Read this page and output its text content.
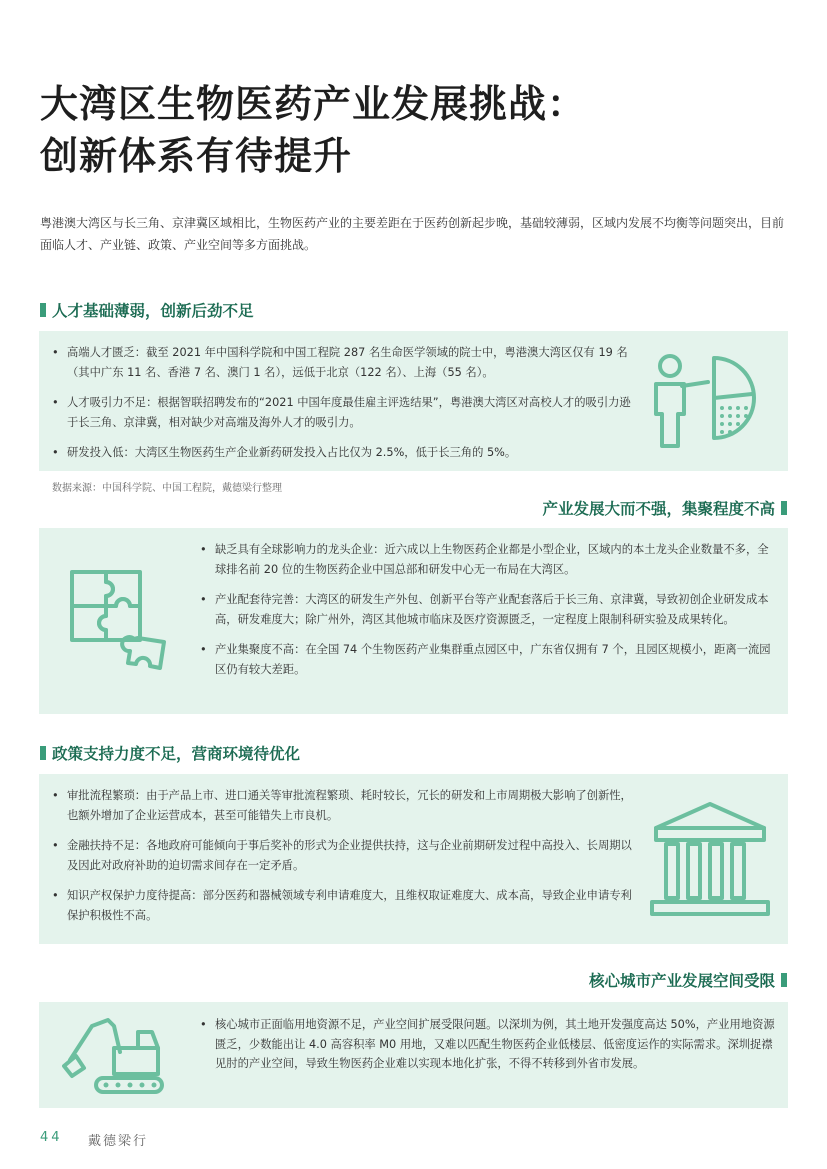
大湾区生物医药产业发展挑战：
创新体系有待提升

粤港澳大湾区与长三角、京津冀区域相比，生物医药产业的主要差距在于医药创新起步晚，基础较薄弱，区域内发展不均衡等问题突出，目前面临人才、产业链、政策、产业空间等多方面挑战。

人才基础薄弱，创新后劲不足
• 高端人才匮乏：截至 2021 年中国科学院和中国工程院 287 名生命医学领域的院士中，粤港澳大湾区仅有 19 名（其中广东 11 名、香港 7 名、澳门 1 名），远低于北京（122 名）、上海（55 名）。
• 人才吸引力不足：根据智联招聘发布的“2021 中国年度最佳雇主评选结果”，粤港澳大湾区对高校人才的吸引力逊于长三角、京津冀，相对缺少对高端及海外人才的吸引力。
• 研发投入低：大湾区生物医药生产企业新药研发投入占比仅为 2.5%，低于长三角的 5%。
数据来源：中国科学院、中国工程院，戴德梁行整理
产业发展大而不强，集聚程度不高
• 缺乏具有全球影响力的龙头企业：近六成以上生物医药企业都是小型企业，区域内的本土龙头企业数量不多，全球排名前 20 位的生物医药企业中国总部和研发中心无一布局在大湾区。
• 产业配套待完善：大湾区的研发生产外包、创新平台等产业配套落后于长三角、京津冀，导致初创企业研发成本高，研发难度大；除广州外，湾区其他城市临床及医疗资源匮乏，一定程度上限制科研实验及成果转化。
• 产业集聚度不高：在全国 74 个生物医药产业集群重点园区中，广东省仅拥有 7 个，且园区规模小，距离一流园区仍有较大差距。
政策支持力度不足，营商环境待优化
• 审批流程繁琐：由于产品上市、进口通关等审批流程繁琐、耗时较长，冗长的研发和上市周期极大影响了创新性，也额外增加了企业运营成本，甚至可能错失上市良机。
• 金融扶持不足：各地政府可能倾向于事后奖补的形式为企业提供扶持，这与企业前期研发过程中高投入、长周期以及因此对政府补助的迫切需求间存在一定矛盾。
• 知识产权保护力度待提高：部分医药和器械领域专利申请难度大，且维权取证难度大、成本高，导致企业申请专利保护积极性不高。
核心城市产业发展空间受限
• 核心城市正面临用地资源不足，产业空间扩展受限问题。以深圳为例，其土地开发强度高达 50%，产业用地资源匮乏，少数能出让 4.0 高容积率 M0 用地，又难以匹配生物医药企业低楼层、低密度运作的实际需求。深圳捉襟见肘的产业空间，导致生物医药企业难以实现本地化扩张，不得不转移到外省市发展。
44 戴德梁行
